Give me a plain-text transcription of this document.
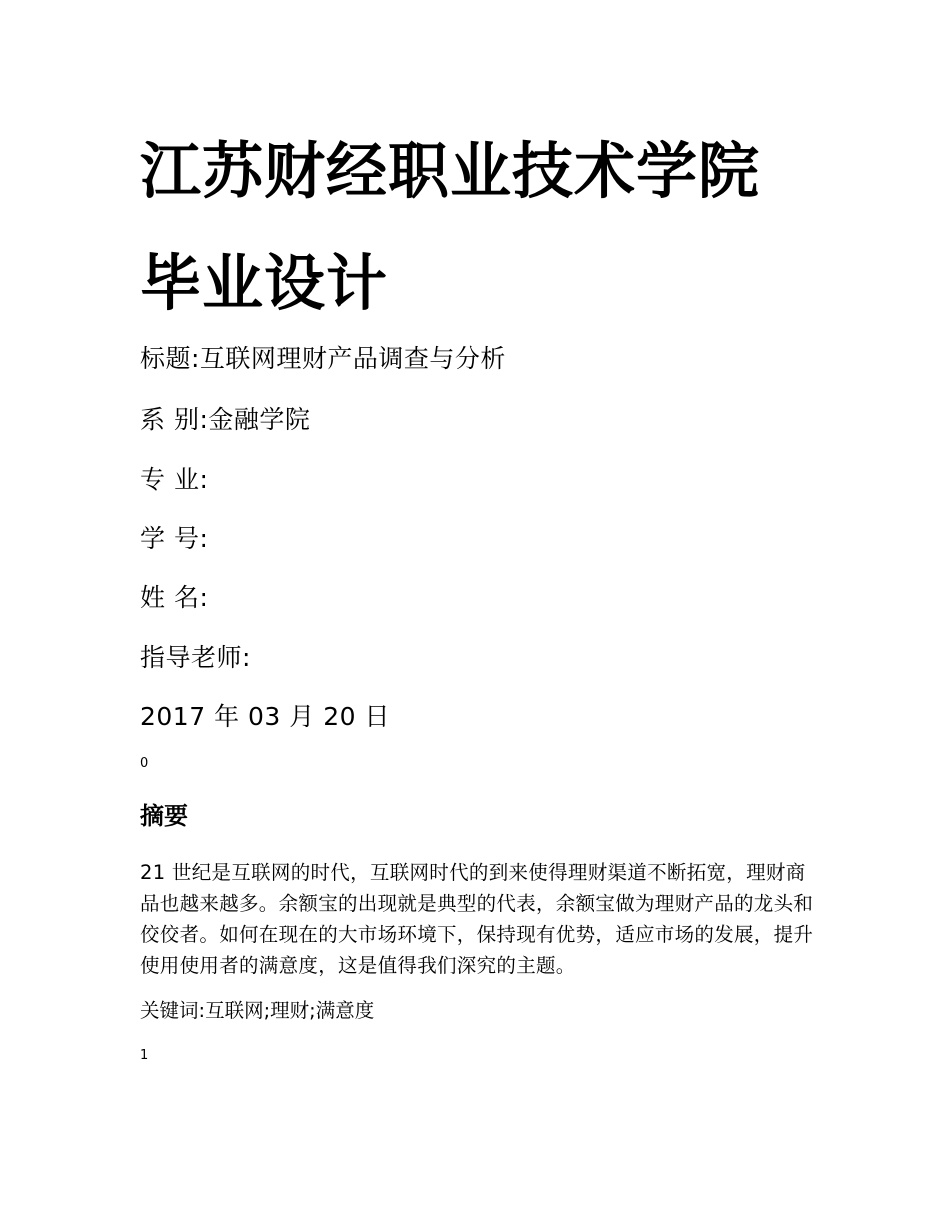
江苏财经职业技术学院
毕业设计
标题:互联网理财产品调查与分析
系 别:金融学院
专 业:
学 号:
姓 名:
指导老师:
2017 年 03 月 20 日
0
摘要

21 世纪是互联网的时代，互联网时代的到来使得理财渠道不断拓宽，理财商品也越来越多。余额宝的出现就是典型的代表，余额宝做为理财产品的龙头和佼佼者。如何在现在的大市场环境下，保持现有优势，适应市场的发展，提升使用使用者的满意度，这是值得我们深究的主题。

关键词:互联网;理财;满意度
1
